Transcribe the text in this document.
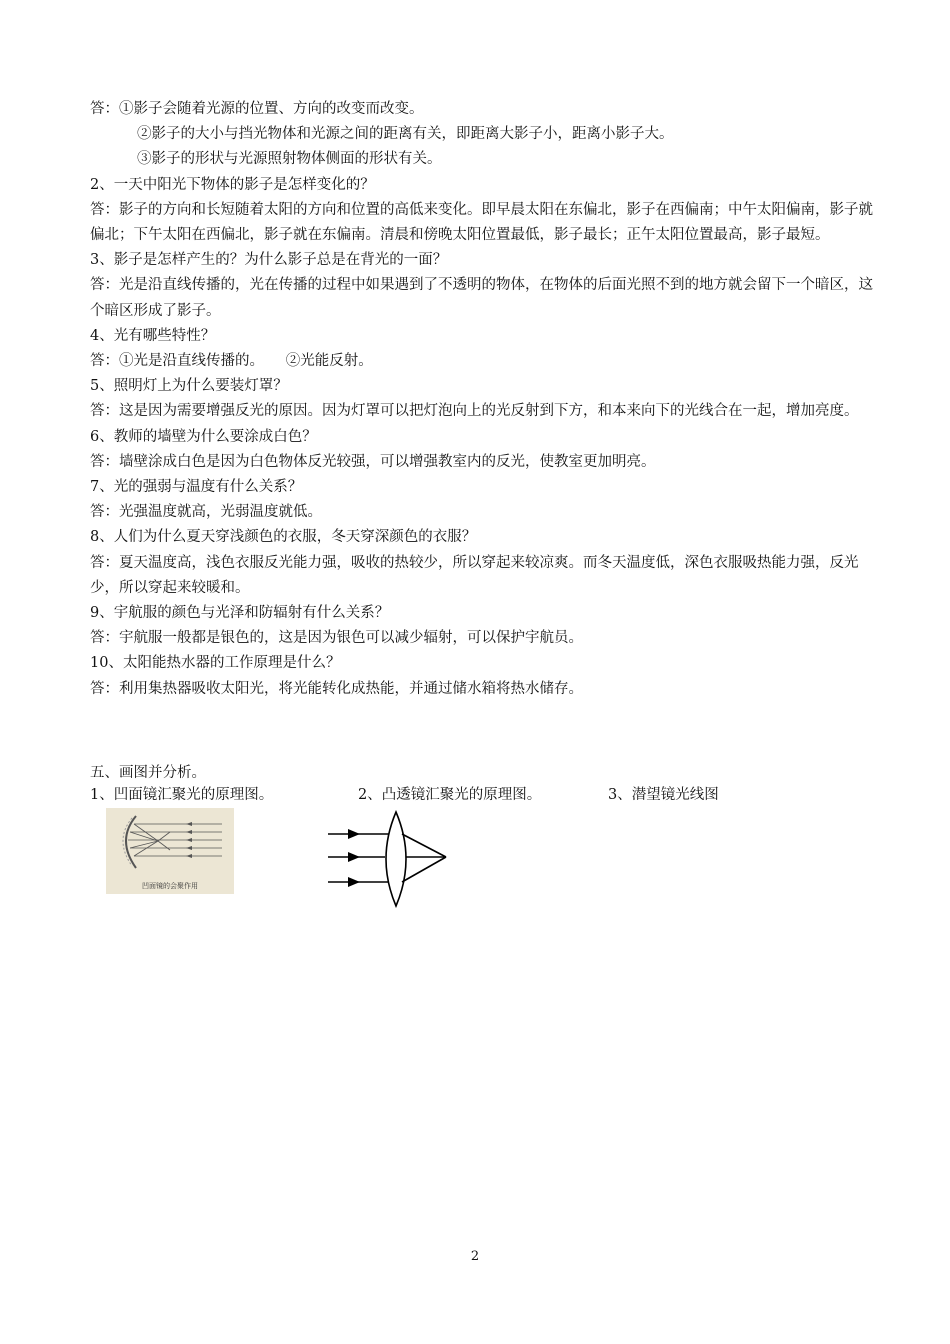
答：①影子会随着光源的位置、方向的改变而改变。
②影子的大小与挡光物体和光源之间的距离有关，即距离大影子小，距离小影子大。
③影子的形状与光源照射物体侧面的形状有关。
2、一天中阳光下物体的影子是怎样变化的？
答：影子的方向和长短随着太阳的方向和位置的高低来变化。即早晨太阳在东偏北，影子在西偏南；中午太阳偏南，影子就偏北；下午太阳在西偏北，影子就在东偏南。清晨和傍晚太阳位置最低，影子最长；正午太阳位置最高，影子最短。
3、影子是怎样产生的？为什么影子总是在背光的一面？
答：光是沿直线传播的，光在传播的过程中如果遇到了不透明的物体，在物体的后面光照不到的地方就会留下一个暗区，这个暗区形成了影子。
4、光有哪些特性？
答：①光是沿直线传播的。　　②光能反射。
5、照明灯上为什么要装灯罩？
答：这是因为需要增强反光的原因。因为灯罩可以把灯泡向上的光反射到下方，和本来向下的光线合在一起，增加亮度。
6、教师的墙壁为什么要涂成白色？
答：墙壁涂成白色是因为白色物体反光较强，可以增强教室内的反光，使教室更加明亮。
7、光的强弱与温度有什么关系？
答：光强温度就高，光弱温度就低。
8、人们为什么夏天穿浅颜色的衣服，冬天穿深颜色的衣服？
答：夏天温度高，浅色衣服反光能力强，吸收的热较少，所以穿起来较凉爽。而冬天温度低，深色衣服吸热能力强，反光少，所以穿起来较暖和。
9、宇航服的颜色与光泽和防辐射有什么关系？
答：宇航服一般都是银色的，这是因为银色可以减少辐射，可以保护宇航员。
10、太阳能热水器的工作原理是什么？
答：利用集热器吸收太阳光，将光能转化成热能，并通过储水箱将热水储存。
五、画图并分析。
1、凹面镜汇聚光的原理图。	2、凸透镜汇聚光的原理图。	3、潜望镜光线图
凹面镜的会聚作用
2
